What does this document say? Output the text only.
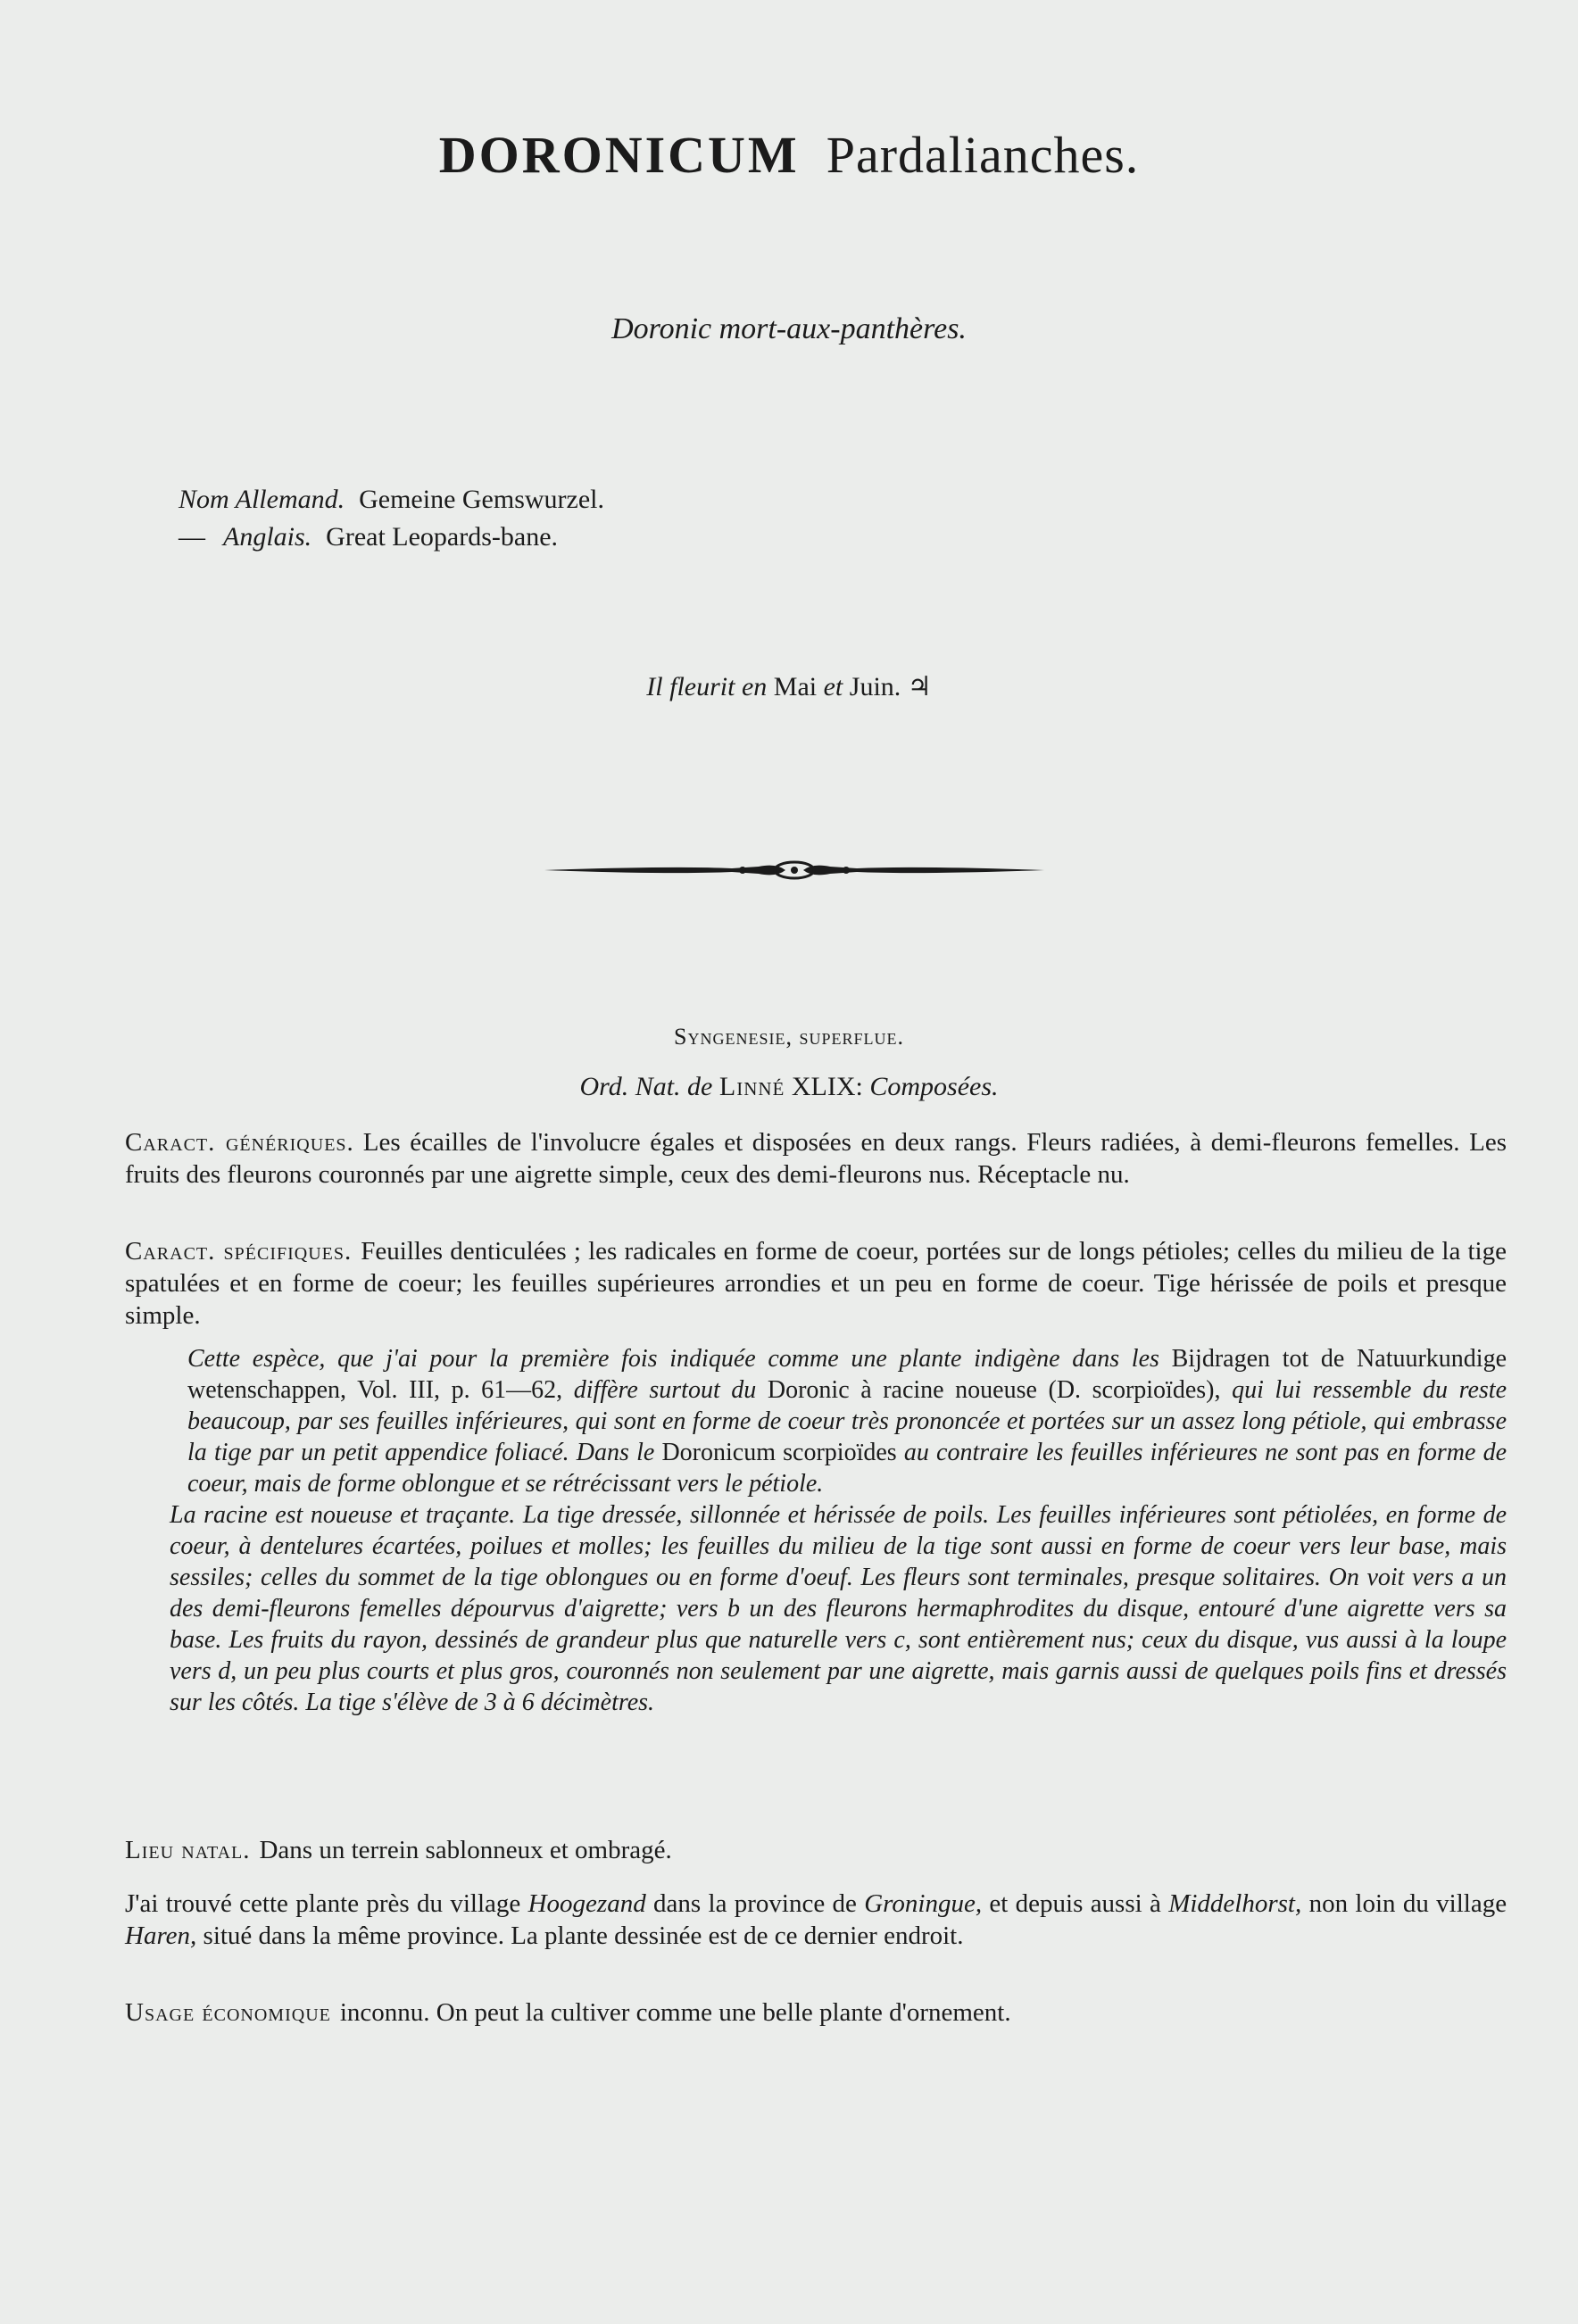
DORONICUM Pardalianches.
Doronic mort-aux-panthères.
Nom Allemand. Gemeine Gemswurzel.
— Anglais. Great Leopards-bane.
Il fleurit en Mai et Juin. ♃
Syngenesie, superflue.
Ord. Nat. de Linné XLIX: Composées.
Caract. génériques. Les écailles de l'involucre égales et disposées en deux rangs. Fleurs radiées, à demi-fleurons femelles. Les fruits des fleurons couronnés par une aigrette simple, ceux des demi-fleurons nus. Réceptacle nu.
Caract. spécifiques. Feuilles denticulées ; les radicales en forme de coeur, portées sur de longs pétioles; celles du milieu de la tige spatulées et en forme de coeur; les feuilles supérieures arrondies et un peu en forme de coeur. Tige hérissée de poils et presque simple.
Cette espèce, que j'ai pour la première fois indiquée comme une plante indigène dans les Bijdragen tot de Natuurkundige wetenschappen, Vol. III, p. 61—62, diffère surtout du Doronic à racine noueuse (D. scorpioïdes), qui lui ressemble du reste beaucoup, par ses feuilles inférieures, qui sont en forme de coeur très prononcée et portées sur un assez long pétiole, qui embrasse la tige par un petit appendice foliacé. Dans le Doronicum scorpioïdes au contraire les feuilles inférieures ne sont pas en forme de coeur, mais de forme oblongue et se rétrécissant vers le pétiole.
La racine est noueuse et traçante. La tige dressée, sillonnée et hérissée de poils. Les feuilles inférieures sont pétiolées, en forme de coeur, à dentelures écartées, poilues et molles; les feuilles du milieu de la tige sont aussi en forme de coeur vers leur base, mais sessiles; celles du sommet de la tige oblongues ou en forme d'oeuf. Les fleurs sont terminales, presque solitaires. On voit vers a un des demi-fleurons femelles dépourvus d'aigrette; vers b un des fleurons hermaphrodites du disque, entouré d'une aigrette vers sa base. Les fruits du rayon, dessinés de grandeur plus que naturelle vers c, sont entièrement nus; ceux du disque, vus aussi à la loupe vers d, un peu plus courts et plus gros, couronnés non seulement par une aigrette, mais garnis aussi de quelques poils fins et dressés sur les côtés. La tige s'élève de 3 à 6 décimètres.
Lieu natal. Dans un terrein sablonneux et ombragé.
J'ai trouvé cette plante près du village Hoogezand dans la province de Groningue, et depuis aussi à Middelhorst, non loin du village Haren, situé dans la même province. La plante dessinée est de ce dernier endroit.
Usage économique inconnu. On peut la cultiver comme une belle plante d'ornement.
